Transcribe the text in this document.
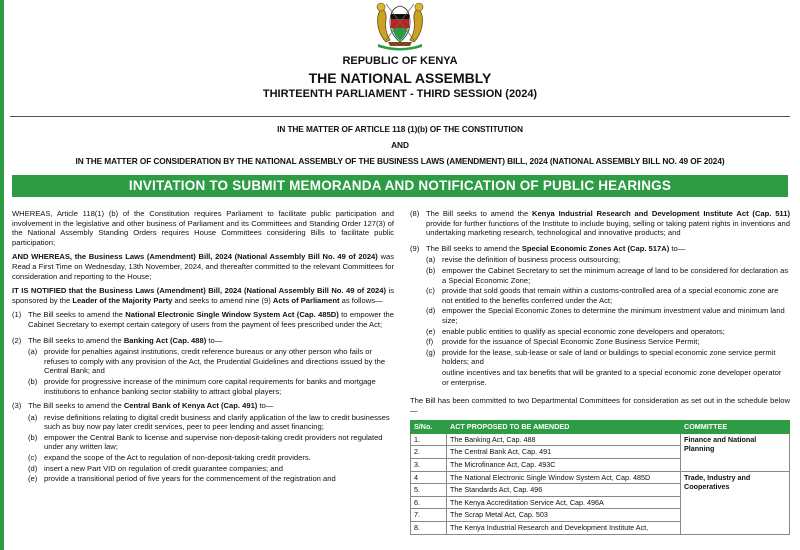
REPUBLIC OF KENYA
THE NATIONAL ASSEMBLY
THIRTEENTH PARLIAMENT - THIRD SESSION (2024)
IN THE MATTER OF ARTICLE 118 (1)(b) OF THE CONSTITUTION
AND
IN THE MATTER OF CONSIDERATION BY THE NATIONAL ASSEMBLY OF THE BUSINESS LAWS (AMENDMENT) BILL, 2024 (NATIONAL ASSEMBLY BILL NO. 49 OF 2024)
INVITATION TO SUBMIT MEMORANDA AND NOTIFICATION OF PUBLIC HEARINGS

WHEREAS, Article 118(1) (b) of the Constitution requires Parliament to facilitate public participation and involvement in the legislative and other business of Parliament and its Committees and Standing Order 127(3) of the National Assembly Standing Orders requires House Committees considering Bills to facilitate public participation;

AND WHEREAS, the Business Laws (Amendment) Bill, 2024 (National Assembly Bill No. 49 of 2024) was Read a First Time on Wednesday, 13th November, 2024, and thereafter committed to the relevant Committees for consideration and reporting to the House;

IT IS NOTIFIED that the Business Laws (Amendment) Bill, 2024 (National Assembly Bill No. 49 of 2024) is sponsored by the Leader of the Majority Party and seeks to amend nine (9) Acts of Parliament as follows—

(1) The Bill seeks to amend the National Electronic Single Window System Act (Cap. 485D) to empower the Cabinet Secretary to exempt certain category of users from the payment of fees prescribed under the Act;
(2) The Bill seeks to amend the Banking Act (Cap. 488) to—
(a) provide for penalties against institutions, credit reference bureaus or any other person who fails or refuses to comply with any provision of the Act, the Prudential Guidelines and directions issued by the Central Bank; and
(b) provide for progressive increase of the minimum core capital requirements for banks and mortgage institutions to enhance banking sector stability to attract global players;
(3) The Bill seeks to amend the Central Bank of Kenya Act (Cap. 491) to—
(a) revise definitions relating to digital credit business and clarify application of the law to credit businesses such as buy now pay later credit services, peer to peer lending and asset financing;
(b) empower the Central Bank to license and supervise non-deposit-taking credit providers not regulated under any written law;
(c) expand the scope of the Act to regulation of non-deposit-taking credit providers.
(d) insert a new Part VID on regulation of credit guarantee companies; and
(e) provide a transitional period of five years for the commencement of the registration and
(8) The Bill seeks to amend the Kenya Industrial Research and Development Institute Act (Cap. 511) provide for further functions of the Institute to include buying, selling or taking patent rights in inventions and undertaking marketing research, technological and innovative products; and
(9) The Bill seeks to amend the Special Economic Zones Act (Cap. 517A) to—
(a) revise the definition of business process outsourcing;
(b) empower the Cabinet Secretary to set the minimum acreage of land to be considered for declaration as a Special Economic Zone;
(c) provide that sold goods that remain within a customs-controlled area of a special economic zone are not entitled to the benefits conferred under the Act;
(d) empower the Special Economic Zones to determine the minimum investment value and minimum land size;
(e) enable public entities to qualify as special economic zone developers and operators;
(f)	provide for the issuance of Special Economic Zone Business Service Permit;
(g) provide for the lease, sub-lease or sale of land or buildings to special economic zone service permit holders; and
outline incentives and tax benefits that will be granted to a special economic zone developer operator or enterprise.

The Bill has been committed to two Departmental Committees for consideration as set out in the schedule below—

S/No.	ACT PROPOSED TO BE AMENDED	COMMITTEE
1.	The Banking Act, Cap. 488	Finance and National Planning
2.	The Central Bank Act, Cap. 491	
3.	The Microfinance Act, Cap. 493C	
4	The National Electronic Single Window System Act, Cap. 485D	Trade, Industry and Cooperatives
5.	The Standards Act, Cap. 496	
6.	The Kenya Accreditation Service Act, Cap. 496A	
7.	The Scrap Metal Act, Cap. 503	
8.	The Kenya Industrial Research and Development Institute Act,	
